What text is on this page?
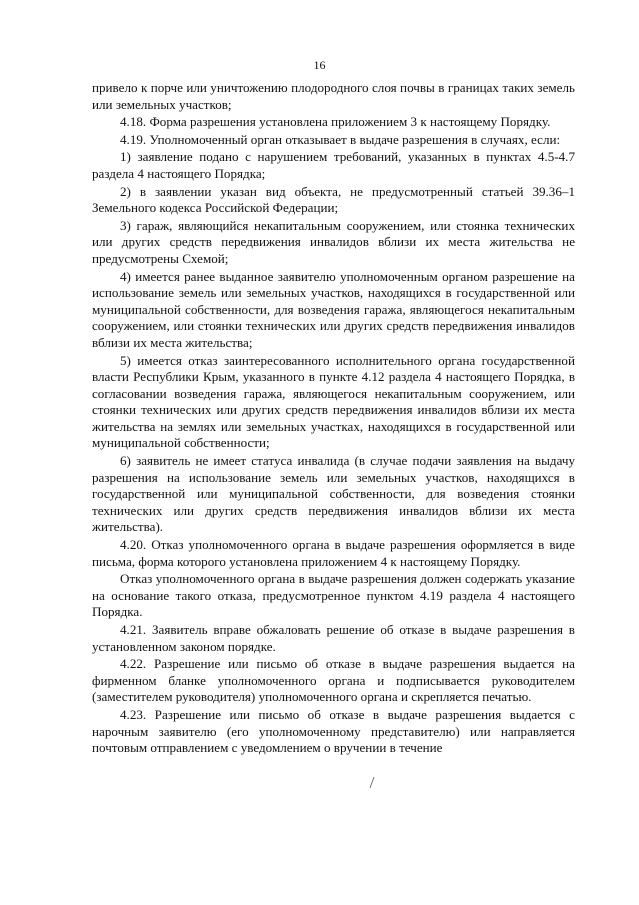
16

привело к порче или уничтожению плодородного слоя почвы в границах таких земель или земельных участков;

4.18. Форма разрешения установлена приложением 3 к настоящему Порядку.

4.19. Уполномоченный орган отказывает в выдаче разрешения в случаях, если:

1) заявление подано с нарушением требований, указанных в пунктах 4.5-4.7 раздела 4 настоящего Порядка;

2) в заявлении указан вид объекта, не предусмотренный статьей 39.36–1 Земельного кодекса Российской Федерации;

3) гараж, являющийся некапитальным сооружением, или стоянка технических или других средств передвижения инвалидов вблизи их места жительства не предусмотрены Схемой;

4) имеется ранее выданное заявителю уполномоченным органом разрешение на использование земель или земельных участков, находящихся в государственной или муниципальной собственности, для возведения гаража, являющегося некапитальным сооружением, или стоянки технических или других средств передвижения инвалидов вблизи их места жительства;

5) имеется отказ заинтересованного исполнительного органа государственной власти Республики Крым, указанного в пункте 4.12 раздела 4 настоящего Порядка, в согласовании возведения гаража, являющегося некапитальным сооружением, или стоянки технических или других средств передвижения инвалидов вблизи их места жительства на землях или земельных участках, находящихся в государственной или муниципальной собственности;

6) заявитель не имеет статуса инвалида (в случае подачи заявления на выдачу разрешения на использование земель или земельных участков, находящихся в государственной или муниципальной собственности, для возведения стоянки технических или других средств передвижения инвалидов вблизи их места жительства).

4.20. Отказ уполномоченного органа в выдаче разрешения оформляется в виде письма, форма которого установлена приложением 4 к настоящему Порядку.

Отказ уполномоченного органа в выдаче разрешения должен содержать указание на основание такого отказа, предусмотренное пунктом 4.19 раздела 4 настоящего Порядка.

4.21. Заявитель вправе обжаловать решение об отказе в выдаче разрешения в установленном законом порядке.

4.22. Разрешение или письмо об отказе в выдаче разрешения выдается на фирменном бланке уполномоченного органа и подписывается руководителем (заместителем руководителя) уполномоченного органа и скрепляется печатью.

4.23. Разрешение или письмо об отказе в выдаче разрешения выдается с нарочным заявителю (его уполномоченному представителю) или направляется почтовым отправлением с уведомлением о вручении в течение
